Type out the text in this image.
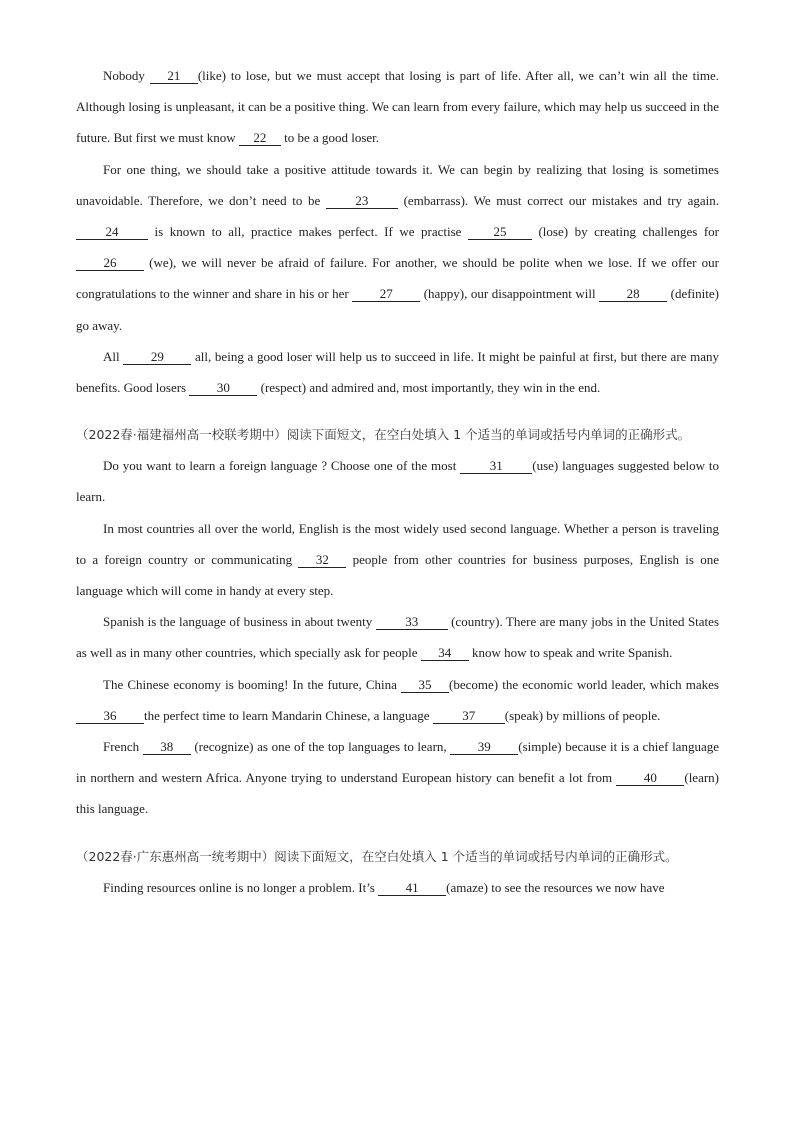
Nobody 21 (like) to lose, but we must accept that losing is part of life. After all, we can’t win all the time. Although losing is unpleasant, it can be a positive thing. We can learn from every failure, which may help us succeed in the future. But first we must know 22 to be a good loser.

For one thing, we should take a positive attitude towards it. We can begin by realizing that losing is sometimes unavoidable. Therefore, we don’t need to be 23 (embarrass). We must correct our mistakes and try again. 24 is known to all, practice makes perfect. If we practise 25 (lose) by creating challenges for 26 (we), we will never be afraid of failure. For another, we should be polite when we lose. If we offer our congratulations to the winner and share in his or her 27 (happy), our disappointment will 28 (definite) go away.

All 29 all, being a good loser will help us to succeed in life. It might be painful at first, but there are many benefits. Good losers 30 (respect) and admired and, most importantly, they win in the end.

（2022春·福建福州高一校联考期中）阅读下面短文，在空白处填入 1 个适当的单词或括号内单词的正确形式。

Do you want to learn a foreign language ? Choose one of the most 31 (use) languages suggested below to learn.

In most countries all over the world, English is the most widely used second language. Whether a person is traveling to a foreign country or communicating 32 people from other countries for business purposes, English is one language which will come in handy at every step.

Spanish is the language of business in about twenty 33 (country). There are many jobs in the United States as well as in many other countries, which specially ask for people 34 know how to speak and write Spanish.

The Chinese economy is booming! In the future, China 35 (become) the economic world leader, which makes36 the perfect time to learn Mandarin Chinese, a language 37 (speak) by millions of people.

French 38 (recognize) as one of the top languages to learn, 39 (simple) because it is a chief language in northern and western Africa. Anyone trying to understand European history can benefit a lot from 40 (learn) this language.

（2022春·广东惠州高一统考期中）阅读下面短文，在空白处填入 1 个适当的单词或括号内单词的正确形式。

Finding resources online is no longer a problem. It’s 41 (amaze) to see the resources we now have
